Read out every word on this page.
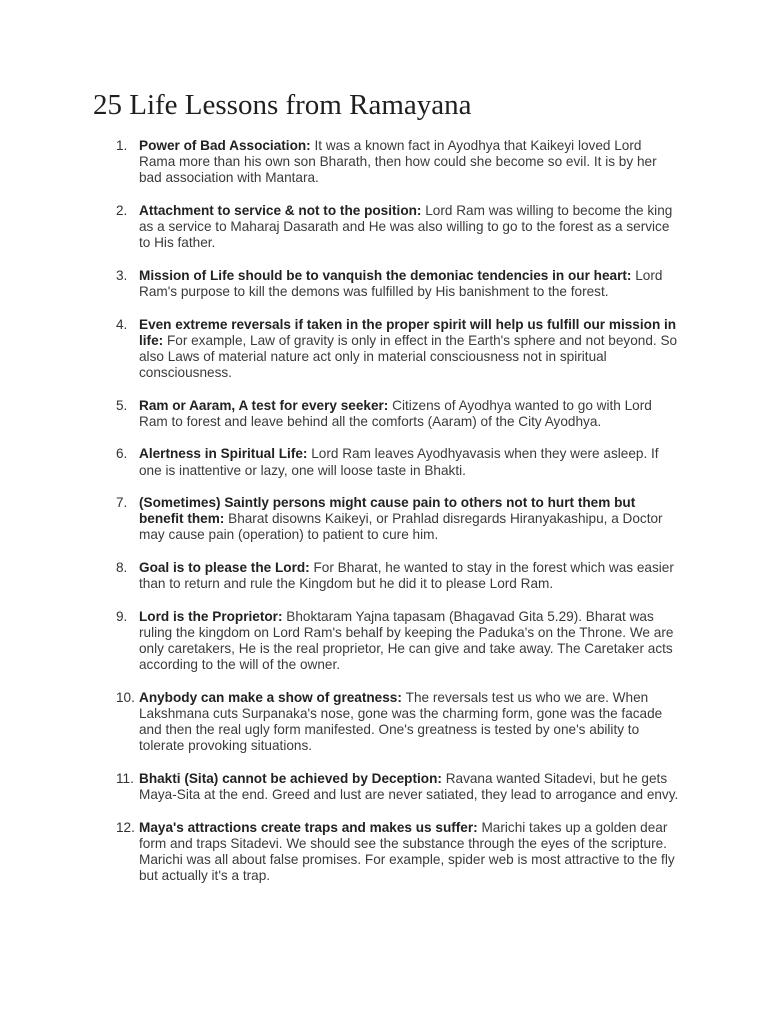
25 Life Lessons from Ramayana
1. Power of Bad Association: It was a known fact in Ayodhya that Kaikeyi loved Lord Rama more than his own son Bharath, then how could she become so evil. It is by her bad association with Mantara.
2. Attachment to service & not to the position: Lord Ram was willing to become the king as a service to Maharaj Dasarath and He was also willing to go to the forest as a service to His father.
3. Mission of Life should be to vanquish the demoniac tendencies in our heart: Lord Ram's purpose to kill the demons was fulfilled by His banishment to the forest.
4. Even extreme reversals if taken in the proper spirit will help us fulfill our mission in life: For example, Law of gravity is only in effect in the Earth's sphere and not beyond. So also Laws of material nature act only in material consciousness not in spiritual consciousness.
5. Ram or Aaram, A test for every seeker: Citizens of Ayodhya wanted to go with Lord Ram to forest and leave behind all the comforts (Aaram) of the City Ayodhya.
6. Alertness in Spiritual Life: Lord Ram leaves Ayodhyavasis when they were asleep. If one is inattentive or lazy, one will loose taste in Bhakti.
7. (Sometimes) Saintly persons might cause pain to others not to hurt them but benefit them: Bharat disowns Kaikeyi, or Prahlad disregards Hiranyakashipu, a Doctor may cause pain (operation) to patient to cure him.
8. Goal is to please the Lord: For Bharat, he wanted to stay in the forest which was easier than to return and rule the Kingdom but he did it to please Lord Ram.
9. Lord is the Proprietor: Bhoktaram Yajna tapasam (Bhagavad Gita 5.29). Bharat was ruling the kingdom on Lord Ram's behalf by keeping the Paduka's on the Throne. We are only caretakers, He is the real proprietor, He can give and take away. The Caretaker acts according to the will of the owner.
10. Anybody can make a show of greatness: The reversals test us who we are. When Lakshmana cuts Surpanaka's nose, gone was the charming form, gone was the facade and then the real ugly form manifested. One's greatness is tested by one's ability to tolerate provoking situations.
11. Bhakti (Sita) cannot be achieved by Deception: Ravana wanted Sitadevi, but he gets Maya-Sita at the end. Greed and lust are never satiated, they lead to arrogance and envy.
12. Maya's attractions create traps and makes us suffer: Marichi takes up a golden dear form and traps Sitadevi. We should see the substance through the eyes of the scripture. Marichi was all about false promises. For example, spider web is most attractive to the fly but actually it's a trap.
